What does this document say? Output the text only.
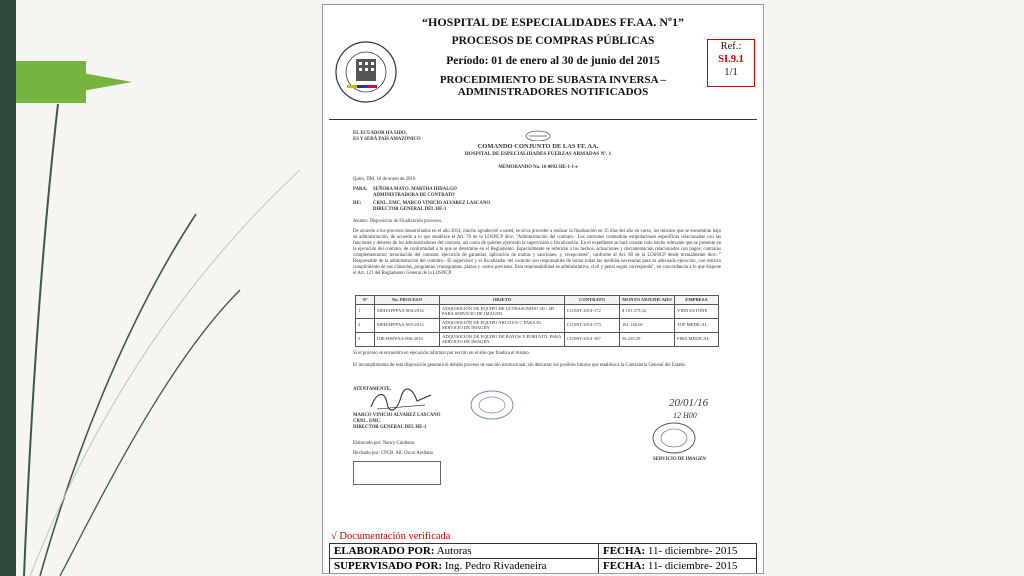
“HOSPITAL DE ESPECIALIDADES FF.AA. Nº1”
PROCESOS DE COMPRAS PÚBLICAS
Período: 01 de enero al 30 de junio del 2015
PROCEDIMIENTO DE SUBASTA INVERSA –
ADMINISTRADORES NOTIFICADOS
Ref.:
SI.9.1
1/1
EL ECUADOR HA SIDO,
ES Y SERÁ PAÍS AMAZÓNICO
COMANDO CONJUNTO DE LAS FF. AA.
HOSPITAL DE ESPECIALIDADES FUERZAS ARMADAS Nº. 1
MEMORANDO No. 16-0092-HE-1-1-e
Quito, DM, 18 de enero de 2016
PARA: SEÑORA MAYO. MARTHA HIDALGO
ADMINISTRADORA DE CONTRATO
DE: CRNL. EMC. MARCO VINICIO ALVAREZ LASCANO
DIRECTOR GENERAL DEL HE-1
Asunto: Disposición de Finalización procesos.
De acuerdo a los procesos desarrollados en el año 2014, mucho agradeceré a usted, se sirva proceder a realizar la finalización en 15 días del año en curso, los mismos que se encuentran bajo su administración, de acuerdo a lo que establece el Art. 70 de la LOSNCP dice: "Administración del contrato.- Los contratos contendrán estipulaciones específicas relacionadas con las funciones y deberes de los administradores del contrato, así como de quienes ejercerán la supervisión o fiscalización. En el expediente se hará constar todo hecho relevante que se presente en la ejecución del contrato, de conformidad a lo que se determine en el Reglamento. Especialmente se referirán a los hechos, actuaciones y documentación relacionados con pagos; contratos complementarios; terminación del contrato; ejecución de garantías; aplicación de multas y sanciones; y, recepciones", conforme al Art. 80 de la LOSNCP desde textualmente dice: " Responsable de la administración del contrato.- El supervisor y el fiscalizador del contrato son responsables de tomar todas las medidas necesarias para su adecuada ejecución, con estricto cumplimiento de sus cláusulas, programas, cronogramas, plazos y costos previstos. Esta responsabilidad es administrativa, civil y penal según corresponda", en concordancia a lo que dispone el Art. 121 del Reglamento General de la LOSNCP.
Nº	No. PROCESO	OBJETO	CONTRATO	MONTO ADJUDICADO	EMPRESA
1	SIEHAPFFAA-004-2014	ADQUISICIÓN DE EQUIPO DE ULTRASONIDO 3D / 4D PARA SERVICIO DE IMAGEN	CGNST-2014-172	$ 101.375,32	VIDNAXTONE
2	SIEHAPFFAA-005-2014	ADQUISICIÓN DE EQUIPO ARCO EN C PARA EL SERVICIO DE IMAGEN	CGNST-2014-173	161.140,00	TOP MEDICAL
3	DIE-HEFFAA-006-2014	ADQUISICIÓN DE EQUIPO DE RAYOS X PORTÁTIL PARA SERVICIO DE IMAGEN	CGNST-2014-187	56.230,29	FIBA MEDICAL
Si el proceso se encuentra en ejecución informar por escrito en el año que finaliza el mismo.
El incumplimiento de esta disposición generará el debido proceso de sanción institucional, sin descartar los posibles futuros que establezca la Contraloría General del Estado.
ATENTAMENTE,
MARCO VINICIO ALVAREZ LASCANO
CRNL. EMC.
DIRECTOR GENERAL DEL HE-1
Elaborado por: Nancy Cárdenas
Revisado por: CPCB. Alf. Oscar Arellano
20/01/16
12 H00
SERVICIO DE IMAGEN
√ Documentación verificada
ELABORADO POR: Autoras	FECHA: 11- diciembre- 2015
SUPERVISADO POR: Ing. Pedro Rivadeneira	FECHA: 11- diciembre- 2015
